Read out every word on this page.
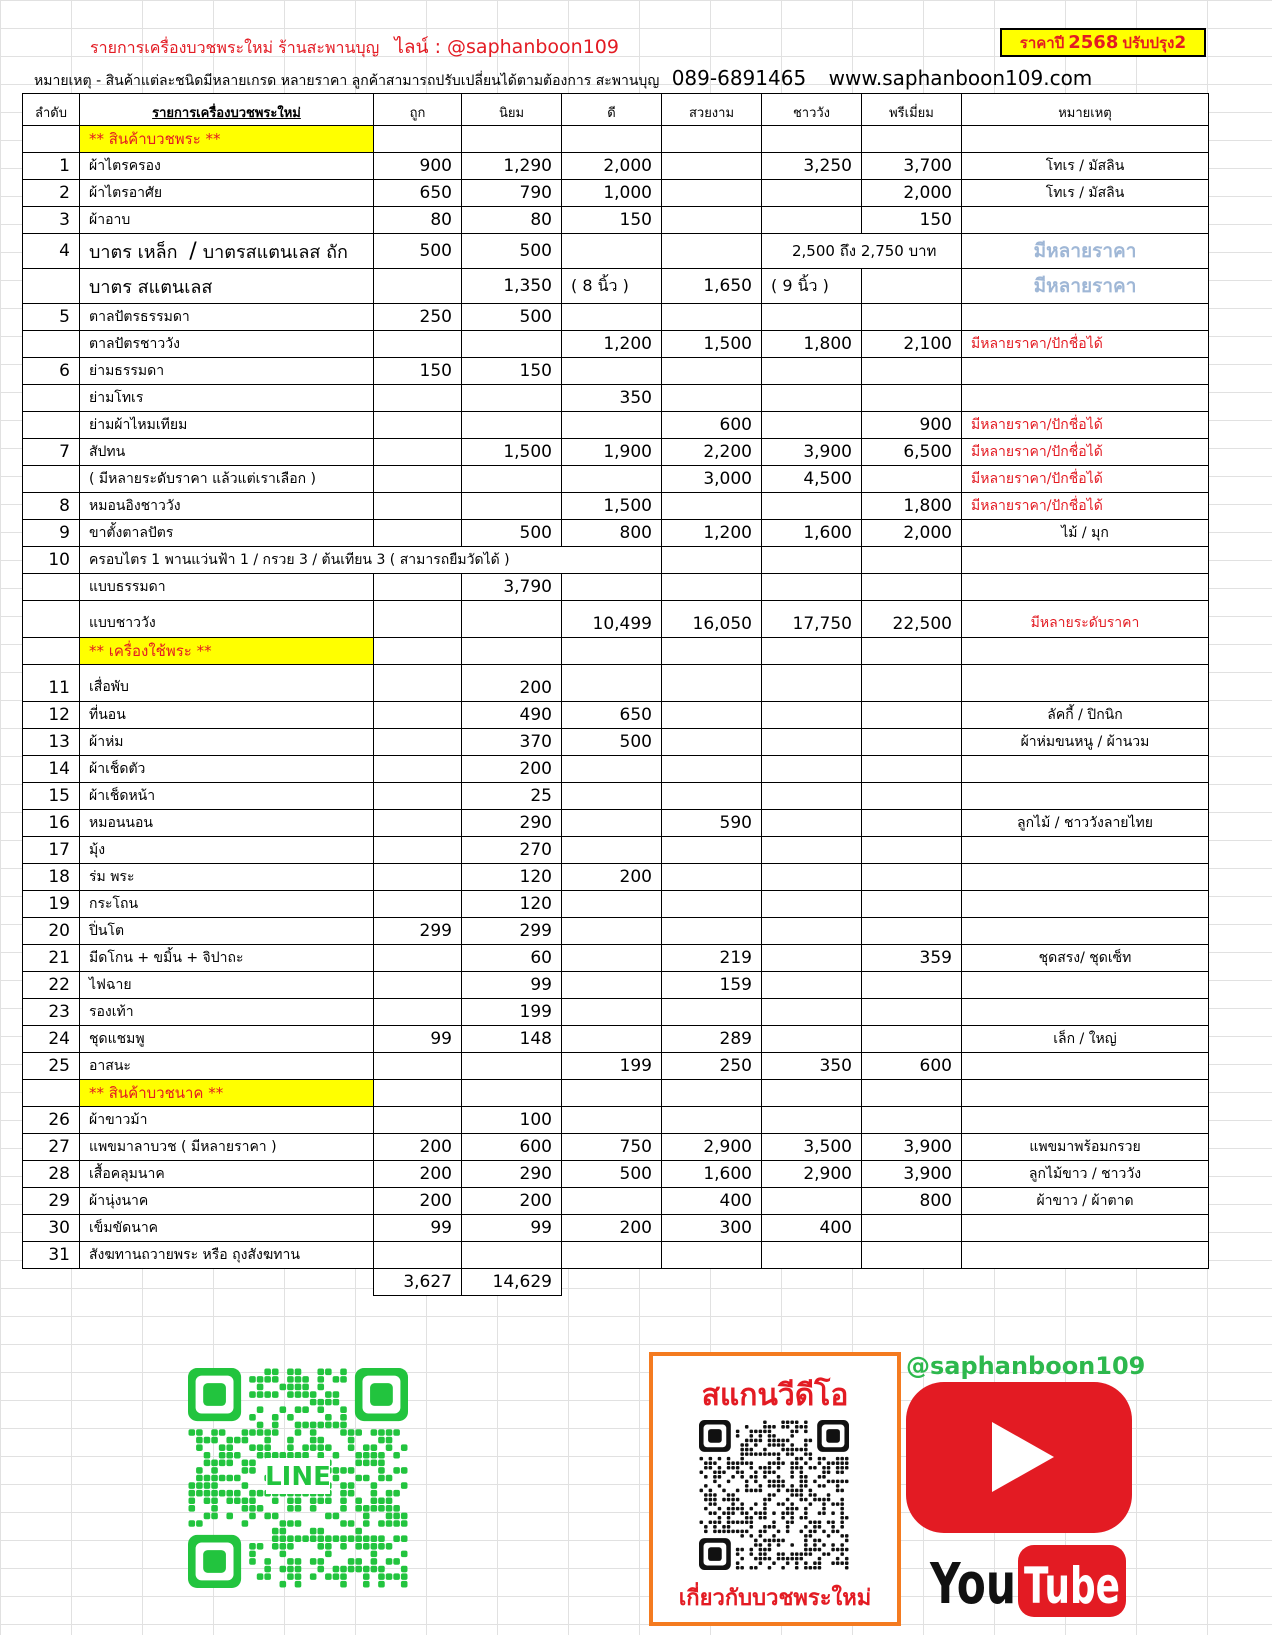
รายการเครื่องบวชพระใหม่ ร้านสะพานบุญ ไลน์ : @saphanboon109	ราคาปี 2568 ปรับปรุง 2
หมายเหตุ - สินค้าแต่ละชนิดมีหลายเกรด หลายราคา ลูกค้าสามารถปรับเปลี่ยนได้ตามต้องการ สะพานบุญ 089-6891465 www.saphanboon109.com
ลำดับ	รายการเครื่องบวชพระใหม่	ถูก	นิยม	ดี	สวยงาม	ชาววัง	พรีเมี่ยม	หมายเหตุ
	** สินค้าบวชพระ **							
1	ผ้าไตรครอง	900	1,290	2,000		3,250	3,700	โทเร / มัสลิน
2	ผ้าไตรอาศัย	650	790	1,000			2,000	โทเร / มัสลิน
3	ผ้าอาบ	80	80	150			150	
4	บาตร เหล็ก / บาตรสแตนเลส ถัก	500	500			2,500 ถึง 2,750 บาท		มีหลายราคา
	บาตร สแตนเลส		1,350	( 8 นิ้ว )	1,650	( 9 นิ้ว )		มีหลายราคา
5	ตาลปัตรธรรมดา	250	500					
	ตาลปัตรชาววัง			1,200	1,500	1,800	2,100	มีหลายราคา/ปักชื่อได้
6	ย่ามธรรมดา	150	150					
	ย่ามโทเร			350				
	ย่ามผ้าไหมเทียม				600		900	มีหลายราคา/ปักชื่อได้
7	สัปทน		1,500	1,900	2,200	3,900	6,500	มีหลายราคา/ปักชื่อได้
	( มีหลายระดับราคา แล้วแต่เราเลือก )				3,000	4,500		มีหลายราคา/ปักชื่อได้
8	หมอนอิงชาววัง			1,500			1,800	มีหลายราคา/ปักชื่อได้
9	ขาตั้งตาลปัตร		500	800	1,200	1,600	2,000	ไม้ / มุก
10	ครอบไตร 1 พานแว่นฟ้า 1 / กรวย 3 / ต้นเทียน 3 ( สามารถยืมวัดได้ )							
	แบบธรรมดา		3,790					
	แบบชาววัง			10,499	16,050	17,750	22,500	มีหลายระดับราคา
	** เครื่องใช้พระ **							
11	เสื่อพับ		200					
12	ที่นอน		490	650				ลัคกี้ / ปิกนิก
13	ผ้าห่ม		370	500				ผ้าห่มขนหนู / ผ้านวม
14	ผ้าเช็ดตัว		200					
15	ผ้าเช็ดหน้า		25					
16	หมอนนอน		290		590			ลูกไม้ / ชาววังลายไทย
17	มุ้ง		270					
18	ร่ม พระ		120	200				
19	กระโถน		120					
20	ปิ่นโต	299	299					
21	มีดโกน + ขมิ้น + จิปาถะ		60		219		359	ชุดสรง/ ชุดเซ็ท
22	ไฟฉาย		99		159			
23	รองเท้า		199					
24	ชุดแชมพู	99	148		289			เล็ก / ใหญ่
25	อาสนะ			199	250	350	600	
	** สินค้าบวชนาค **							
26	ผ้าขาวม้า		100					
27	แพขมาลาบวช ( มีหลายราคา )	200	600	750	2,900	3,500	3,900	แพขมาพร้อมกรวย
28	เสื้อคลุมนาค	200	290	500	1,600	2,900	3,900	ลูกไม้ขาว / ชาววัง
29	ผ้านุ่งนาค	200	200		400		800	ผ้าขาว / ผ้าตาด
30	เข็มขัดนาค	99	99	200	300	400		
31	สังฆทานถวายพระ หรือ ถุงสังฆทาน							
		3,627	14,629					
LINE
สแกนวีดีโอ
เกี่ยวกับบวชพระใหม่
@saphanboon109
You Tube
